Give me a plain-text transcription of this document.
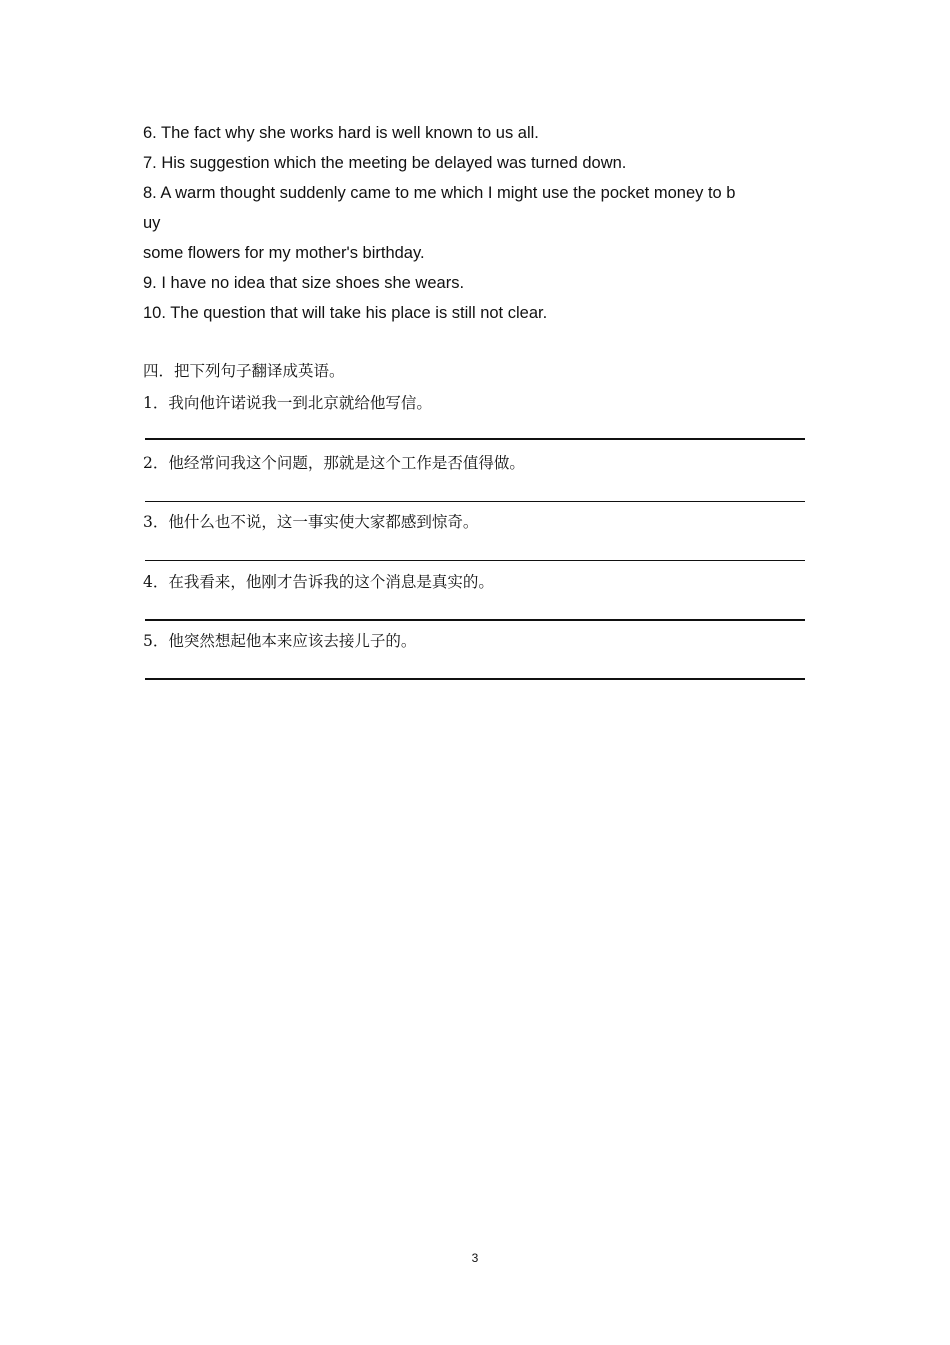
6. The fact why she works hard is well known to us all.
7. His suggestion which the meeting be delayed was turned down.
8. A warm thought suddenly came to me which I might use the pocket money to b
uy
some flowers for my mother's birthday.
9. I have no idea that size shoes she wears.
10. The question that will take his place is still not clear.
四．把下列句子翻译成英语。
1．我向他许诺说我一到北京就给他写信。
2．他经常问我这个问题，那就是这个工作是否值得做。
3．他什么也不说，这一事实使大家都感到惊奇。
4．在我看来，他刚才告诉我的这个消息是真实的。
5．他突然想起他本来应该去接儿子的。
3
